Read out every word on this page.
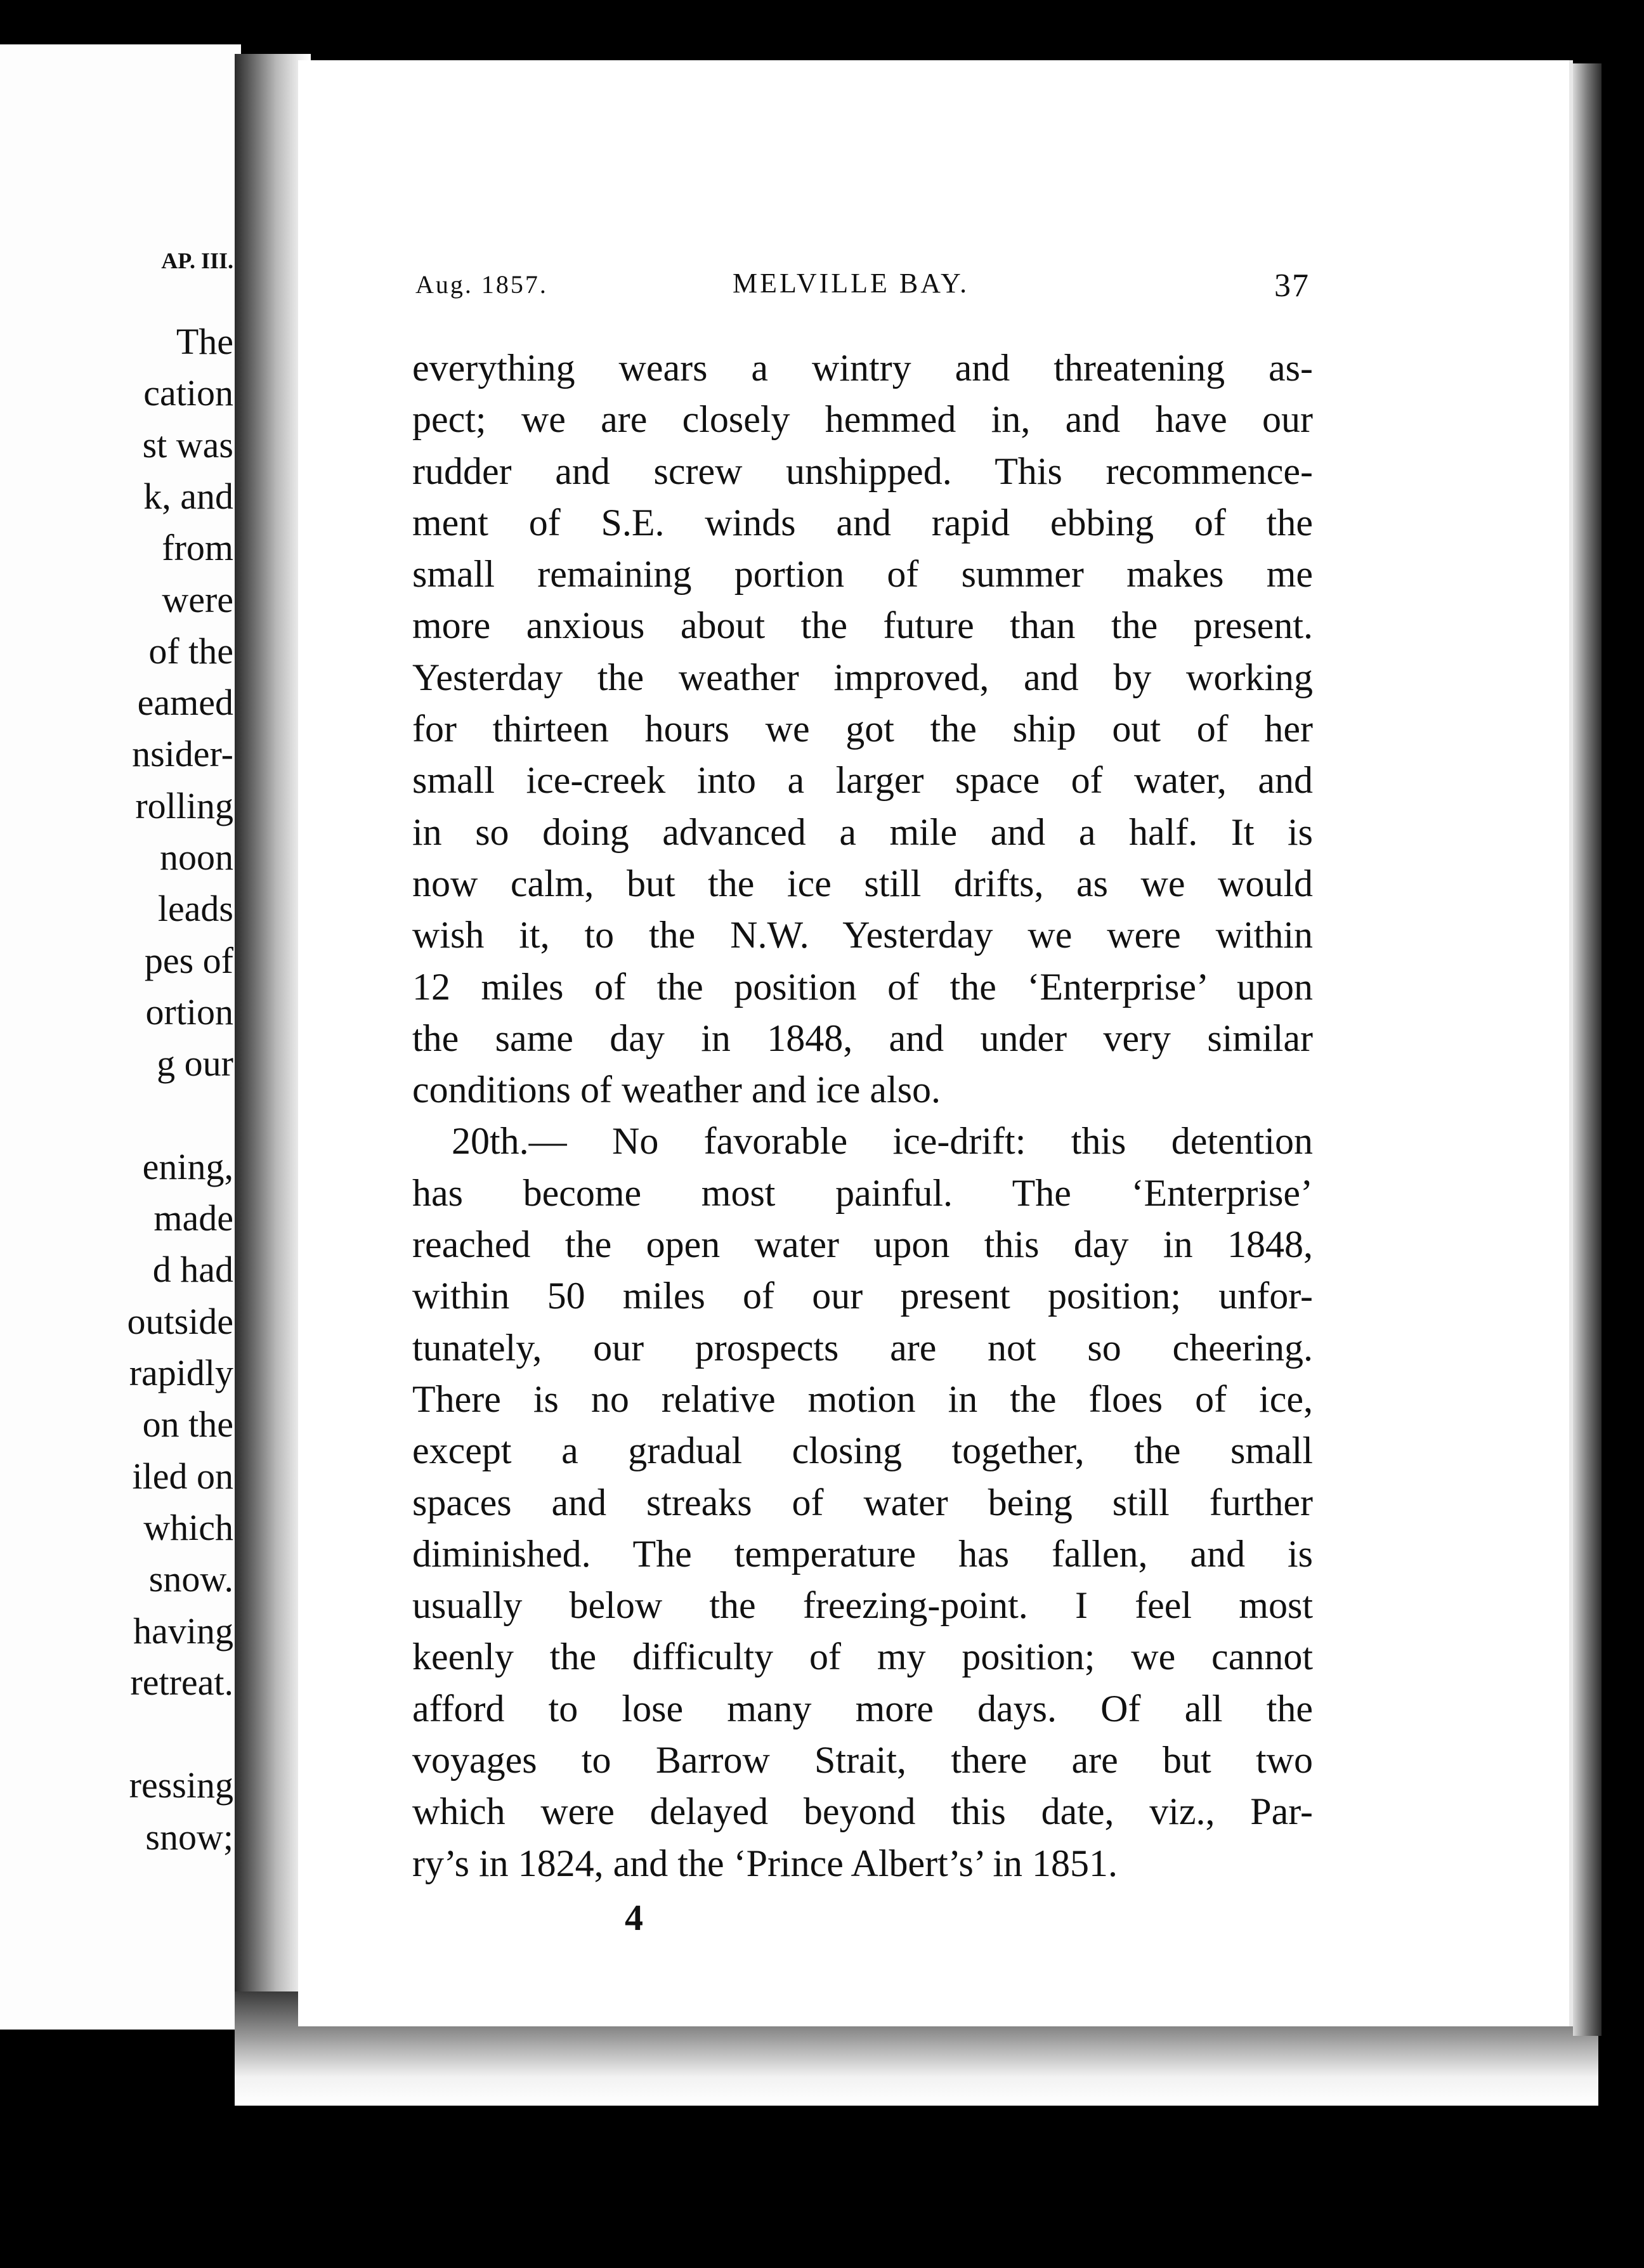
AP. III.
The
cation
st was
k, and
from
were
of the
eamed
nsider-
rolling
noon
leads
pes of
ortion
g our
ening,
made
d had
outside
rapidly
on the
iled on
which
snow.
having
retreat.
ressing
snow;
Aug. 1857.	MELVILLE BAY.	37
everything wears a wintry and threatening as-
pect; we are closely hemmed in, and have our
rudder and screw unshipped. This recommence-
ment of S.E. winds and rapid ebbing of the
small remaining portion of summer makes me
more anxious about the future than the present.
Yesterday the weather improved, and by working
for thirteen hours we got the ship out of her
small ice-creek into a larger space of water, and
in so doing advanced a mile and a half. It is
now calm, but the ice still drifts, as we would
wish it, to the N.W. Yesterday we were within
12 miles of the position of the ‘Enterprise’ upon
the same day in 1848, and under very similar
conditions of weather and ice also.
20th.— No favorable ice-drift: this detention
has become most painful. The ‘Enterprise’
reached the open water upon this day in 1848,
within 50 miles of our present position; unfor-
tunately, our prospects are not so cheering.
There is no relative motion in the floes of ice,
except a gradual closing together, the small
spaces and streaks of water being still further
diminished. The temperature has fallen, and is
usually below the freezing-point. I feel most
keenly the difficulty of my position; we cannot
afford to lose many more days. Of all the
voyages to Barrow Strait, there are but two
which were delayed beyond this date, viz., Par-
ry’s in 1824, and the ‘Prince Albert’s’ in 1851.
4
